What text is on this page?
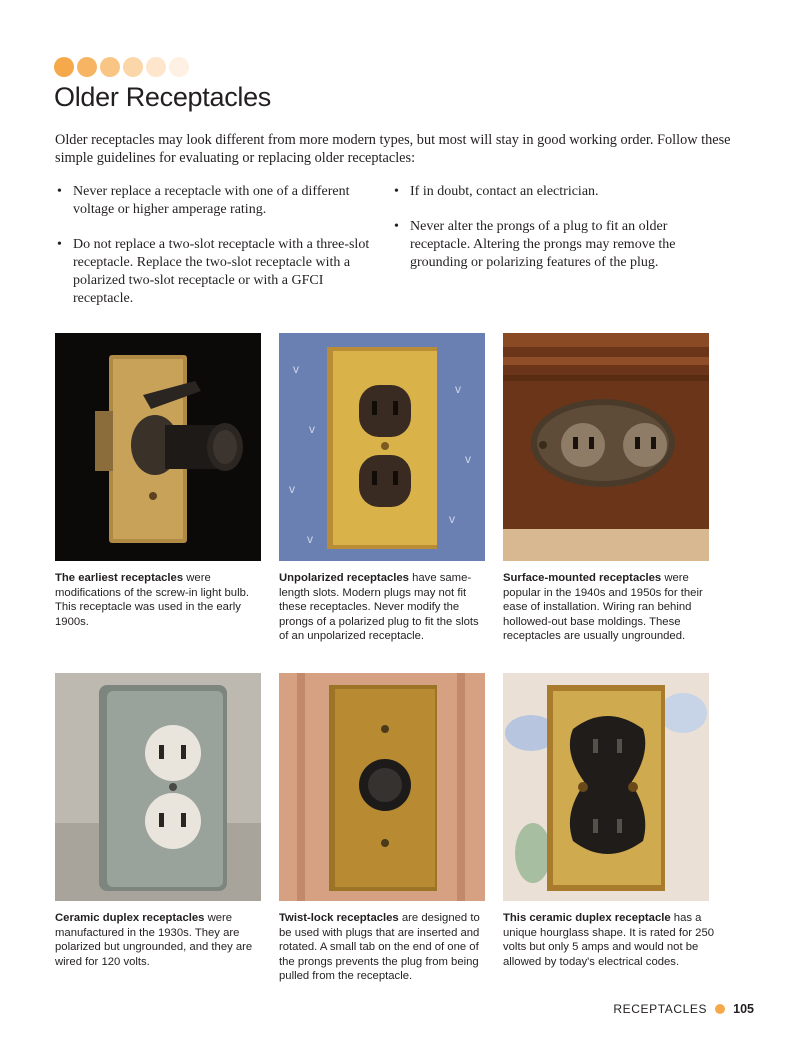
Older Receptacles

Older receptacles may look different from more modern types, but most will stay in good working order. Follow these simple guidelines for evaluating or replacing older receptacles:

• Never replace a receptacle with one of a different voltage or higher amperage rating.
• Do not replace a two-slot receptacle with a three-slot receptacle. Replace the two-slot receptacle with a polarized two-slot receptacle or with a GFCI receptacle.
• If in doubt, contact an electrician.
• Never alter the prongs of a plug to fit an older receptacle. Altering the prongs may remove the grounding or polarizing features of the plug.
v
v
v
v
v
v
v

The earliest receptacles were modifications of the screw-in light bulb. This receptacle was used in the early 1900s.

Unpolarized receptacles have same-length slots. Modern plugs may not fit these receptacles. Never modify the prongs of a polarized plug to fit the slots of an unpolarized receptacle.

Surface-mounted receptacles were popular in the 1940s and 1950s for their ease of installation. Wiring ran behind hollowed-out base moldings. These receptacles are usually ungrounded.

Ceramic duplex receptacles were manufactured in the 1930s. They are polarized but ungrounded, and they are wired for 120 volts.

Twist-lock receptacles are designed to be used with plugs that are inserted and rotated. A small tab on the end of one of the prongs prevents the plug from being pulled from the receptacle.

This ceramic duplex receptacle has a unique hourglass shape. It is rated for 250 volts but only 5 amps and would not be allowed by today's electrical codes.

RECEPTACLES 105
